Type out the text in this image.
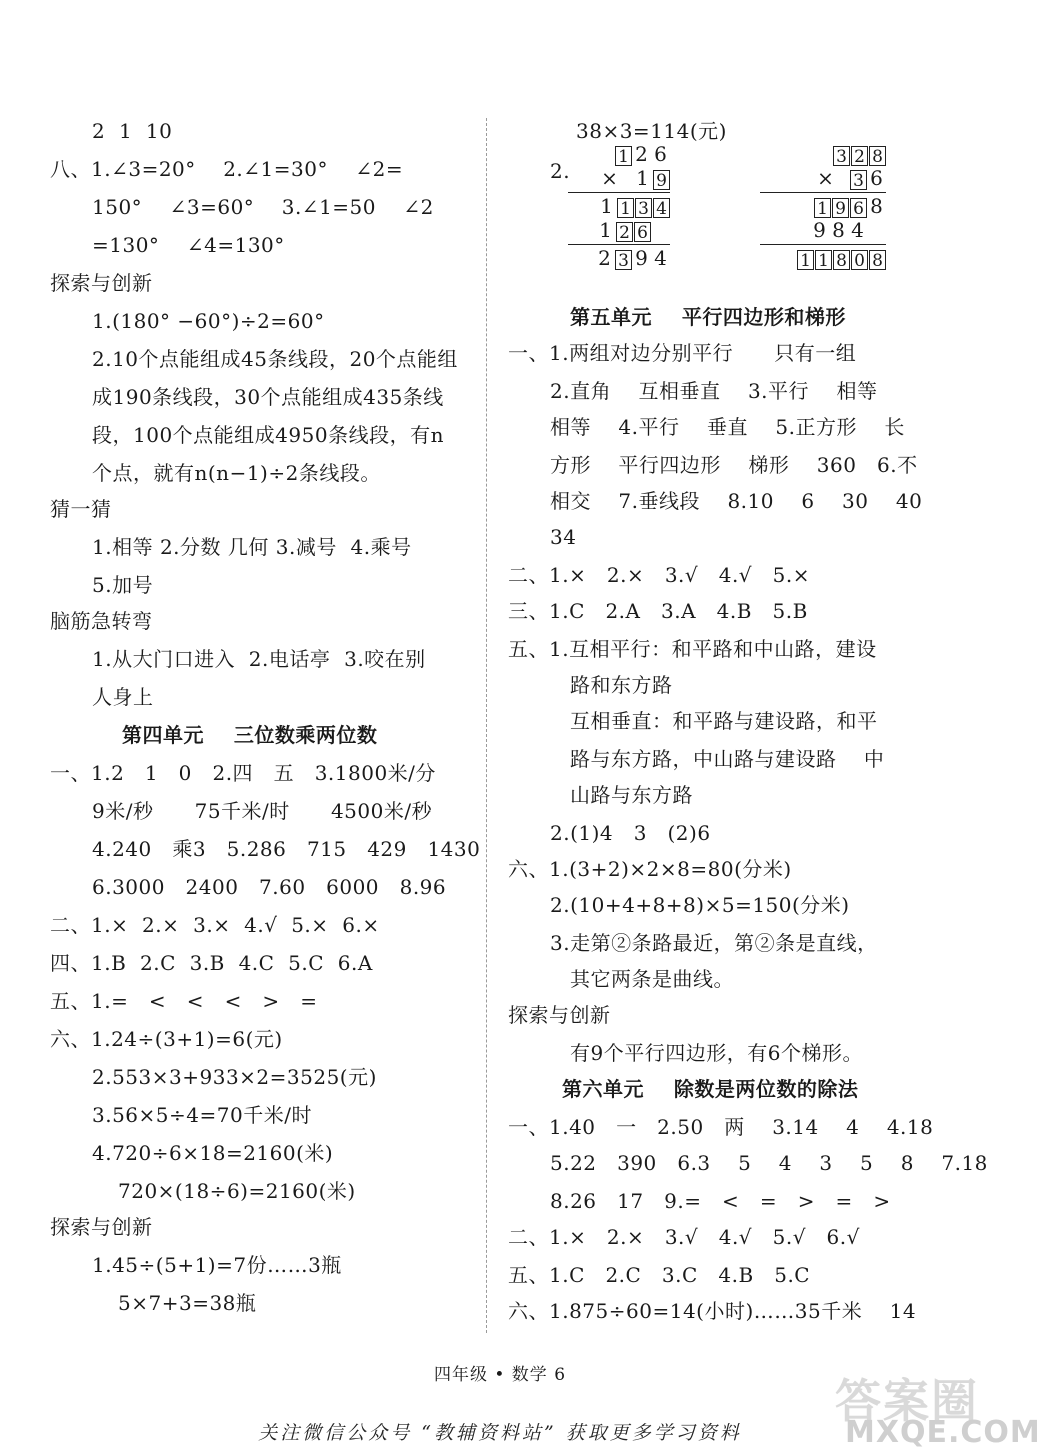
2  1  10
八、1.∠3=20°    2.∠1=30°    ∠2=
150°    ∠3=60°    3.∠1=50    ∠2
=130°    ∠4=130°
探索与创新
1.(180° −60°)÷2=60°
2.10个点能组成45条线段，20个点能组
成190条线段，30个点能组成435条线
段，100个点能组成4950条线段，有n
个点，就有n(n−1)÷2条线段。
猜一猜
1.相等 2.分数 几何 3.减号  4.乘号
5.加号
脑筋急转弯
1.从大门口进入  2.电话亭  3.咬在别
人身上
第四单元    三位数乘两位数
一、1.2   1   0   2.四   五   3.1800米/分
9米/秒      75千米/时      4500米/秒
4.240   乘3   5.286   715   429   1430
6.3000   2400   7.60   6000   8.96
二、1.×  2.×  3.×  4.√  5.×  6.×
四、1.B  2.C  3.B  4.C  5.C  6.A
五、1.=   <   <   <   >   =
六、1.24÷(3+1)=6(元)
2.553×3+933×2=3525(元)
3.56×5÷4=70千米/时
4.720÷6×18=2160(米)
720×(18÷6)=2160(米)
探索与创新
1.45÷(5+1)=7份……3瓶
5×7+3=38瓶
38×3=114(元)
2.
1 2 6
× 1 9
1 1 3 4
1 2 6
2 3 9 4
3 2 8
× 3 6
1 9 6 8
9 8 4
1 1 8 0 8
第五单元    平行四边形和梯形
一、1.两组对边分别平行      只有一组
2.直角    互相垂直    3.平行    相等
相等    4.平行    垂直    5.正方形    长
方形    平行四边形    梯形    360   6.不
相交    7.垂线段    8.10    6    30    40
34
二、1.×   2.×   3.√   4.√   5.×
三、1.C   2.A   3.A   4.B   5.B
五、1.互相平行：和平路和中山路，建设
路和东方路
互相垂直：和平路与建设路，和平
路与东方路，中山路与建设路    中
山路与东方路
2.(1)4   3   (2)6
六、1.(3+2)×2×8=80(分米)
2.(10+4+8+8)×5=150(分米)
3.走第②条路最近，第②条是直线，
其它两条是曲线。
探索与创新
有9个平行四边形，有6个梯形。
第六单元    除数是两位数的除法
一、1.40   一   2.50   两    3.14    4    4.18
5.22   390   6.3    5    4    3    5    8    7.18
8.26   17   9.=   <   =   >   =   >
二、1.×   2.×   3.√   4.√   5.√   6.√
五、1.C   2.C   3.C   4.B   5.C
六、1.875÷60=14(小时)……35千米    14
四年级 • 数学 6	答案圈
MXQE.COM
关注微信公众号 “教辅资料站” 获取更多学习资料
